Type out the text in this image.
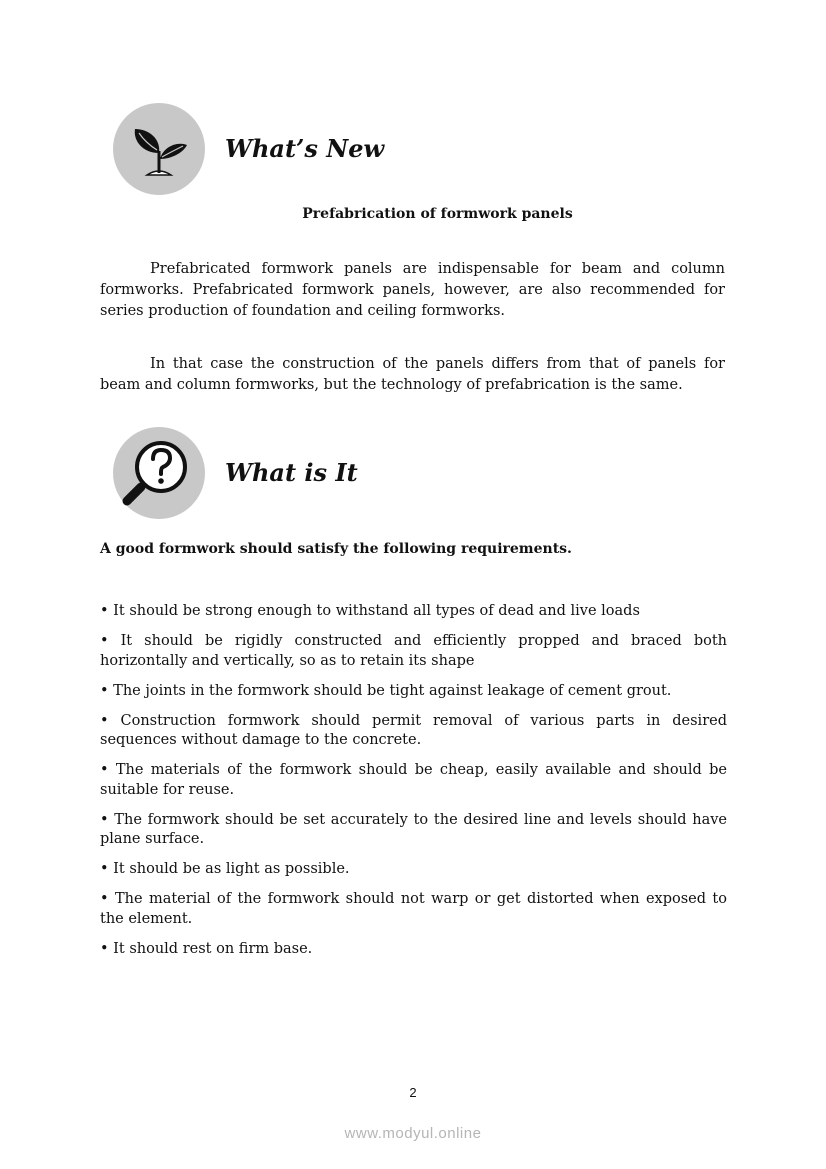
What’s New

Prefabrication of formwork panels

Prefabricated formwork panels are indispensable for beam and column formworks. Prefabricated formwork panels, however, are also recommended for series production of foundation and ceiling formworks.

In that case the construction of the panels differs from that of panels for beam and column formworks, but the technology of prefabrication is the same.

What is It

A good formwork should satisfy the following requirements.

• It should be strong enough to withstand all types of dead and live loads
• It should be rigidly constructed and efficiently propped and braced both horizontally and vertically, so as to retain its shape
• The joints in the formwork should be tight against leakage of cement grout.
• Construction formwork should permit removal of various parts in desired sequences without damage to the concrete.
• The materials of the formwork should be cheap, easily available and should be suitable for reuse.
• The formwork should be set accurately to the desired line and levels should have plane surface.
• It should be as light as possible.
• The material of the formwork should not warp or get distorted when exposed to the element.
• It should rest on firm base.
2
www.modyul.online
